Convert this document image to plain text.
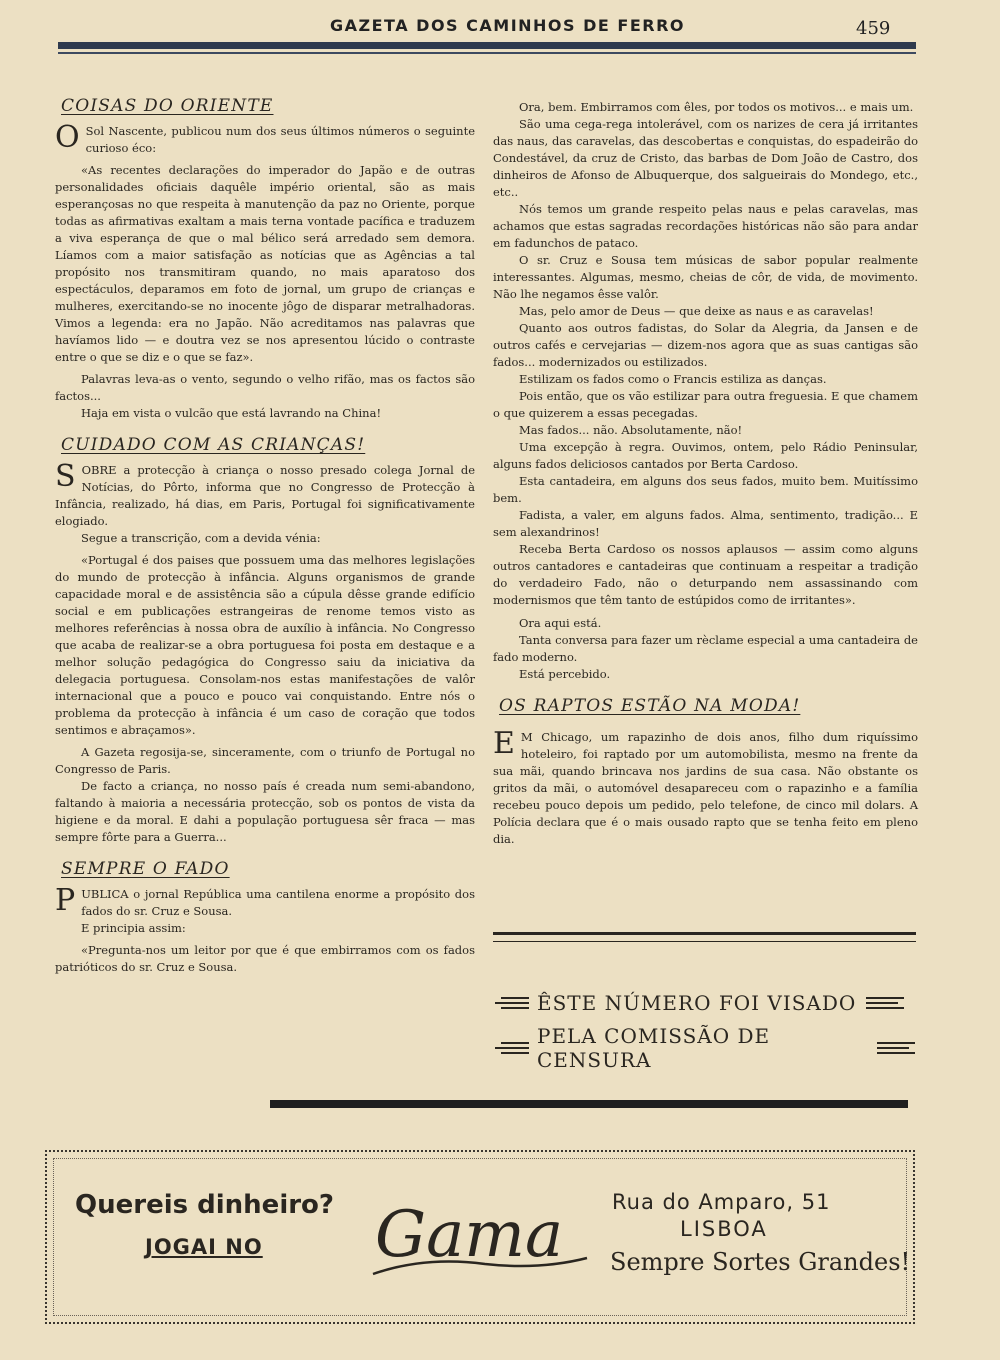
GAZETA DOS CAMINHOS DE FERRO	459
COISAS DO ORIENTE

O Sol Nascente, publicou num dos seus últimos números o seguinte curioso éco:

«As recentes declarações do imperador do Japão e de outras personalidades oficiais daquêle império oriental, são as mais esperançosas no que respeita à manutenção da paz no Oriente, porque todas as afirmativas exaltam a mais terna vontade pacífica e traduzem a viva esperança de que o mal bélico será arredado sem demora. Líamos com a maior satisfação as notícias que as Agências a tal propósito nos transmitiram quando, no mais aparatoso dos espectáculos, deparamos em foto de jornal, um grupo de crianças e mulheres, exercitando-se no inocente jôgo de disparar metralhadoras. Vimos a legenda: era no Japão. Não acreditamos nas palavras que havíamos lido — e doutra vez se nos apresentou lúcido o contraste entre o que se diz e o que se faz».

Palavras leva-as o vento, segundo o velho rifão, mas os factos são factos...

Haja em vista o vulcão que está lavrando na China!

CUIDADO COM AS CRIANÇAS!

SOBRE a protecção à criança o nosso presado colega Jornal de Notícias, do Pôrto, informa que no Congresso de Protecção à Infância, realizado, há dias, em Paris, Portugal foi significativamente elogiado.

Segue a transcrição, com a devida vénia:

«Portugal é dos paises que possuem uma das melhores legislações do mundo de protecção à infância. Alguns organismos de grande capacidade moral e de assistência são a cúpula dêsse grande edifício social e em publicações estrangeiras de renome temos visto as melhores referências à nossa obra de auxílio à infância. No Congresso que acaba de realizar-se a obra portuguesa foi posta em destaque e a melhor solução pedagógica do Congresso saiu da iniciativa da delegacia portuguesa. Consolam-nos estas manifestações de valôr internacional que a pouco e pouco vai conquistando. Entre nós o problema da protecção à infância é um caso de coração que todos sentimos e abraçamos».

A Gazeta regosija-se, sinceramente, com o triunfo de Portugal no Congresso de Paris.

De facto a criança, no nosso país é creada num semi-abandono, faltando à maioria a necessária protecção, sob os pontos de vista da higiene e da moral. E dahi a população portuguesa sêr fraca — mas sempre fôrte para a Guerra...

SEMPRE O FADO

PUBLICA o jornal República uma cantilena enorme a propósito dos fados do sr. Cruz e Sousa.

E principia assim:

«Pregunta-nos um leitor por que é que embirramos com os fados patrióticos do sr. Cruz e Sousa.

Ora, bem. Embirramos com êles, por todos os motivos... e mais um.

São uma cega-rega intolerável, com os narizes de cera já irritantes das naus, das caravelas, das descobertas e conquistas, do espadeirão do Condestável, da cruz de Cristo, das barbas de Dom João de Castro, dos dinheiros de Afonso de Albuquerque, dos salgueirais do Mondego, etc., etc..

Nós temos um grande respeito pelas naus e pelas caravelas, mas achamos que estas sagradas recordações históricas não são para andar em fadunchos de pataco.

O sr. Cruz e Sousa tem músicas de sabor popular realmente interessantes. Algumas, mesmo, cheias de côr, de vida, de movimento. Não lhe negamos êsse valôr.

Mas, pelo amor de Deus — que deixe as naus e as caravelas!

Quanto aos outros fadistas, do Solar da Alegria, da Jansen e de outros cafés e cervejarias — dizem-nos agora que as suas cantigas são fados... modernizados ou estilizados.

Estilizam os fados como o Francis estiliza as danças.

Pois então, que os vão estilizar para outra freguesia. E que chamem o que quizerem a essas pecegadas.

Mas fados... não. Absolutamente, não!

Uma excepção à regra. Ouvimos, ontem, pelo Rádio Peninsular, alguns fados deliciosos cantados por Berta Cardoso.

Esta cantadeira, em alguns dos seus fados, muito bem. Muitíssimo bem.

Fadista, a valer, em alguns fados. Alma, sentimento, tradição... E sem alexandrinos!

Receba Berta Cardoso os nossos aplausos — assim como alguns outros cantadores e cantadeiras que continuam a respeitar a tradição do verdadeiro Fado, não o deturpando nem assassinando com modernismos que têm tanto de estúpidos como de irritantes».

Ora aqui está.

Tanta conversa para fazer um rèclame especial a uma cantadeira de fado moderno.

Está percebido.

OS RAPTOS ESTÃO NA MODA!

E M Chicago, um rapazinho de dois anos, filho dum riquíssimo hoteleiro, foi raptado por um automobilista, mesmo na frente da sua mãi, quando brincava nos jardins de sua casa. Não obstante os gritos da mãi, o automóvel desapareceu com o rapazinho e a família recebeu pouco depois um pedido, pelo telefone, de cinco mil dolars. A Polícia declara que é o mais ousado rapto que se tenha feito em pleno dia.

ÊSTE NÚMERO FOI VISADO
PELA COMISSÃO DE CENSURA
Quereis dinheiro?
JOGAI NO Gama Rua do Amparo, 51
LISBOA
Sempre Sortes Grandes!
